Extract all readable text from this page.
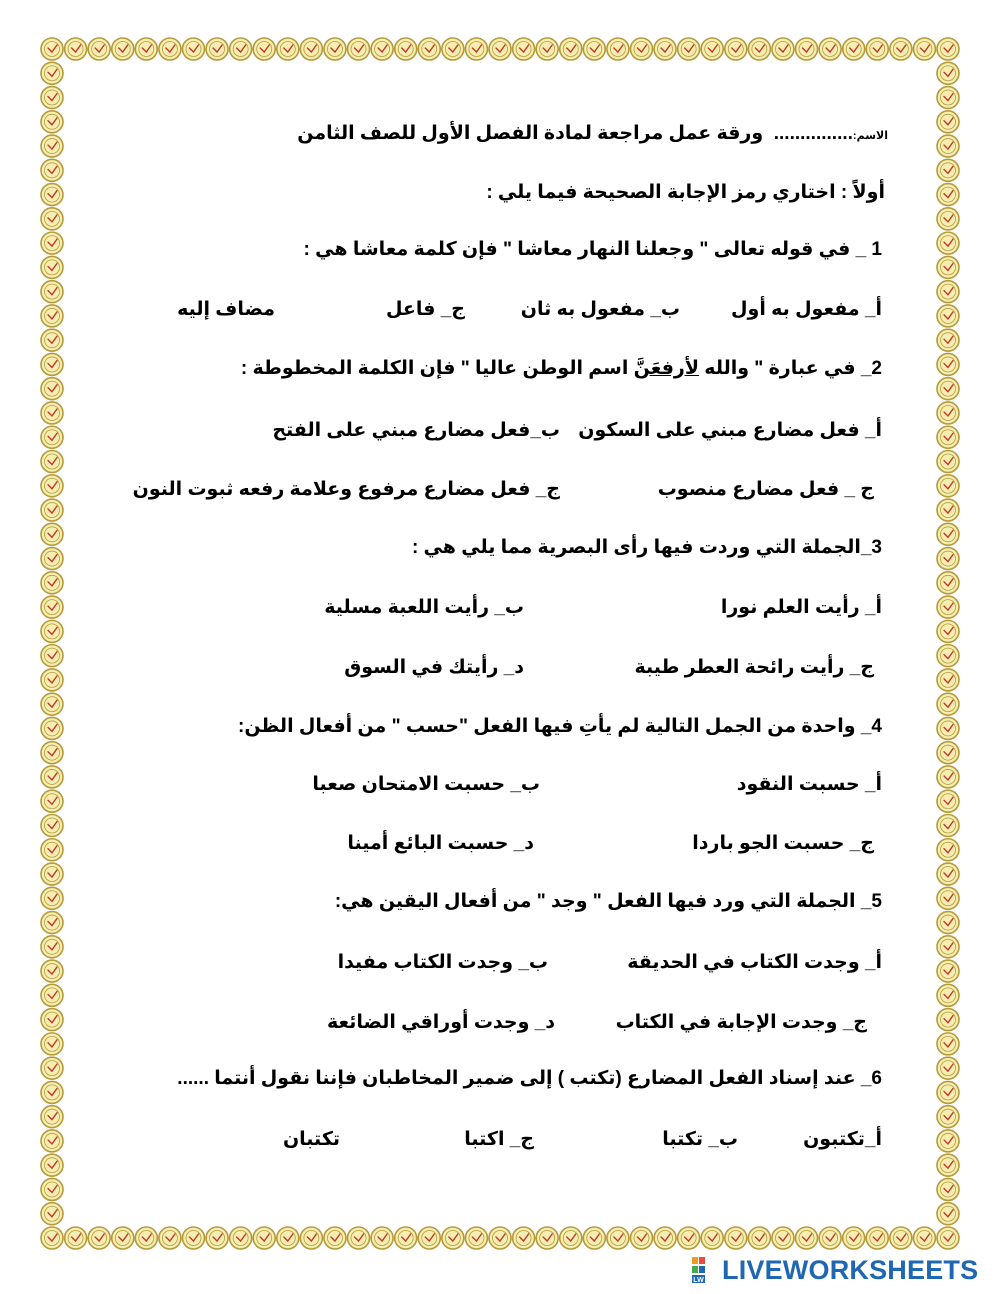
الاسم:...............  ورقة عمل مراجعة لمادة الفصل الأول للصف الثامن
أولاً : اختاري رمز الإجابة الصحيحة فيما يلي :
1 _ في قوله تعالى " وجعلنا النهار معاشا " فإن كلمة معاشا هي :
أ_ مفعول به أول
ب_ مفعول به ثان
ج_ فاعل
مضاف إليه
2_ في عبارة " والله لأرفعَنَّ اسم الوطن عاليا " فإن الكلمة المخطوطة :
أ_ فعل مضارع مبني على السكون
ب_فعل مضارع مبني على الفتح
ج _ فعل مضارع منصوب
ج_ فعل مضارع مرفوع وعلامة رفعه ثبوت النون
3_الجملة التي وردت فيها رأى البصرية مما يلي هي :
أ_ رأيت العلم نورا
ب_ رأيت اللعبة مسلية
ج_ رأيت رائحة العطر طيبة
د_ رأيتك في السوق
4_ واحدة من الجمل التالية لم يأتِ فيها الفعل "حسب " من أفعال الظن:
أ_ حسبت النقود
ب_ حسبت الامتحان صعبا
ج_ حسبت الجو باردا
د_ حسبت البائع أمينا
5_ الجملة التي ورد فيها الفعل " وجد " من أفعال اليقين هي:
أ_ وجدت الكتاب في الحديقة
ب_ وجدت الكتاب مفيدا
ج_ وجدت الإجابة في الكتاب
د_ وجدت أوراقي الضائعة
6_ عند إسناد الفعل المضارع (تكتب ) إلى ضمير المخاطبان فإننا نقول أنتما ......
أ_تكتبون
ب_ تكتبا
ج_ اكتبا
تكتبان
LW LIVEWORKSHEETS
